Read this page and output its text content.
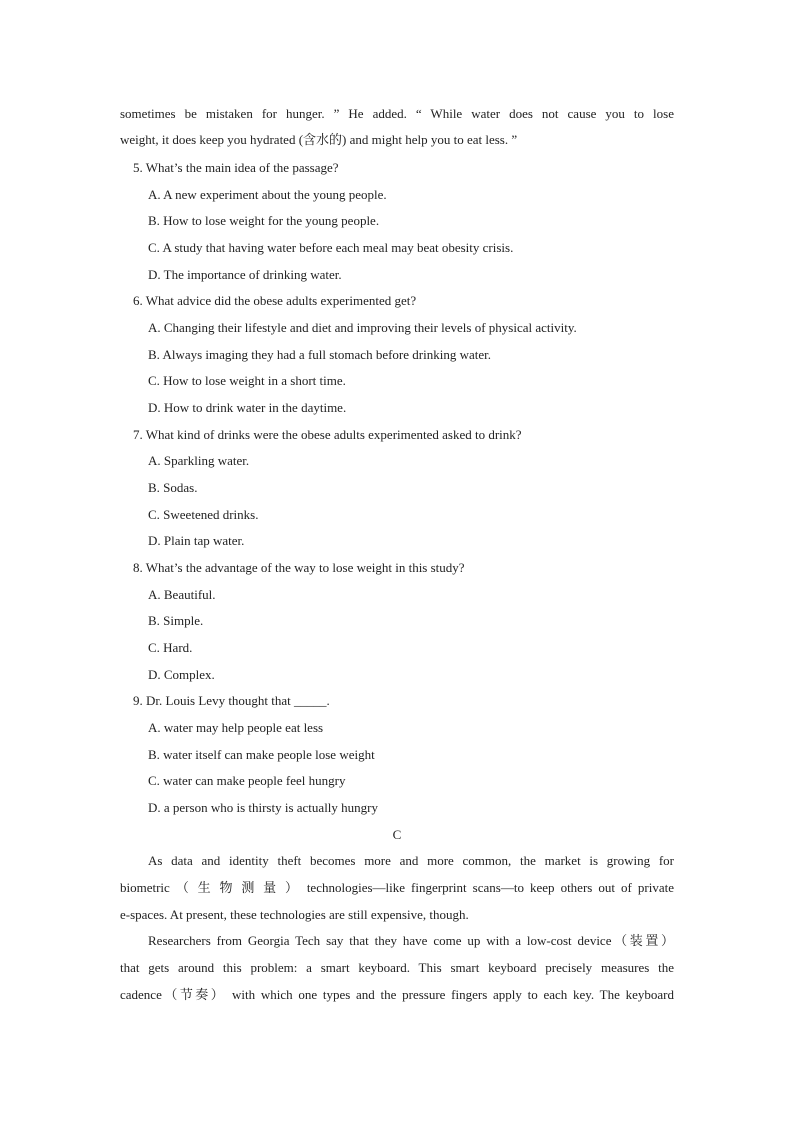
sometimes be mistaken for hunger. ” He added. “ While water does not cause you to lose
weight, it does keep you hydrated (含水的) and might help you to eat less. ”
5. What’s the main idea of the passage?
A. A new experiment about the young people.
B. How to lose weight for the young people.
C. A study that having water before each meal may beat obesity crisis.
D. The importance of drinking water.
6. What advice did the obese adults experimented get?
A. Changing their lifestyle and diet and improving their levels of physical activity.
B. Always imaging they had a full stomach before drinking water.
C. How to lose weight in a short time.
D. How to drink water in the daytime.
7. What kind of drinks were the obese adults experimented asked to drink?
A. Sparkling water.
B. Sodas.
C. Sweetened drinks.
D. Plain tap water.
8. What’s the advantage of the way to lose weight in this study?
A. Beautiful.
B. Simple.
C. Hard.
D. Complex.
9. Dr. Louis Levy thought that _____.
A. water may help people eat less
B. water itself can make people lose weight
C. water can make people feel hungry
D. a person who is thirsty is actually hungry
C
As data and identity theft becomes more and more common, the market is growing for
biometric （ 生 物 测 量 ） technologies—like fingerprint scans—to keep others out of private
e-spaces. At present, these technologies are still expensive, though.
Researchers from Georgia Tech say that they have come up with a low-cost device（装置）
that gets around this problem: a smart keyboard. This smart keyboard precisely measures the
cadence（节奏） with which one types and the pressure fingers apply to each key. The keyboard
